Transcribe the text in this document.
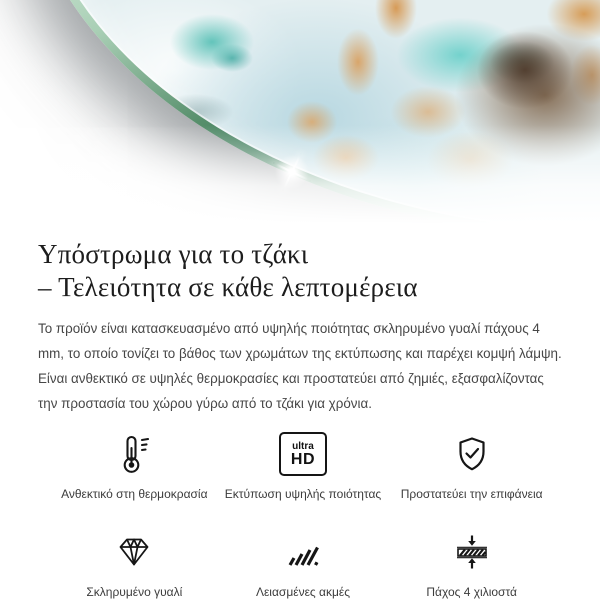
Υπόστρωμα για το τζάκι
– Τελειότητα σε κάθε λεπτομέρεια

Το προϊόν είναι κατασκευασμένο από υψηλής ποιότητας σκληρυμένο γυαλί πάχους 4 mm, το οποίο τονίζει το βάθος των χρωμάτων της εκτύπωσης και παρέχει κομψή λάμψη. Είναι ανθεκτικό σε υψηλές θερμοκρασίες και προστατεύει από ζημιές, εξασφαλίζοντας την προστασία του χώρου γύρω από το τζάκι για χρόνια.

Ανθεκτικό στη θερμοκρασία
ultra
HD
Εκτύπωση υψηλής ποιότητας Προστατεύει την επιφάνεια
Σκληρυμένο γυαλί	Λειασμένες ακμές	Πάχος 4 χιλιοστά
